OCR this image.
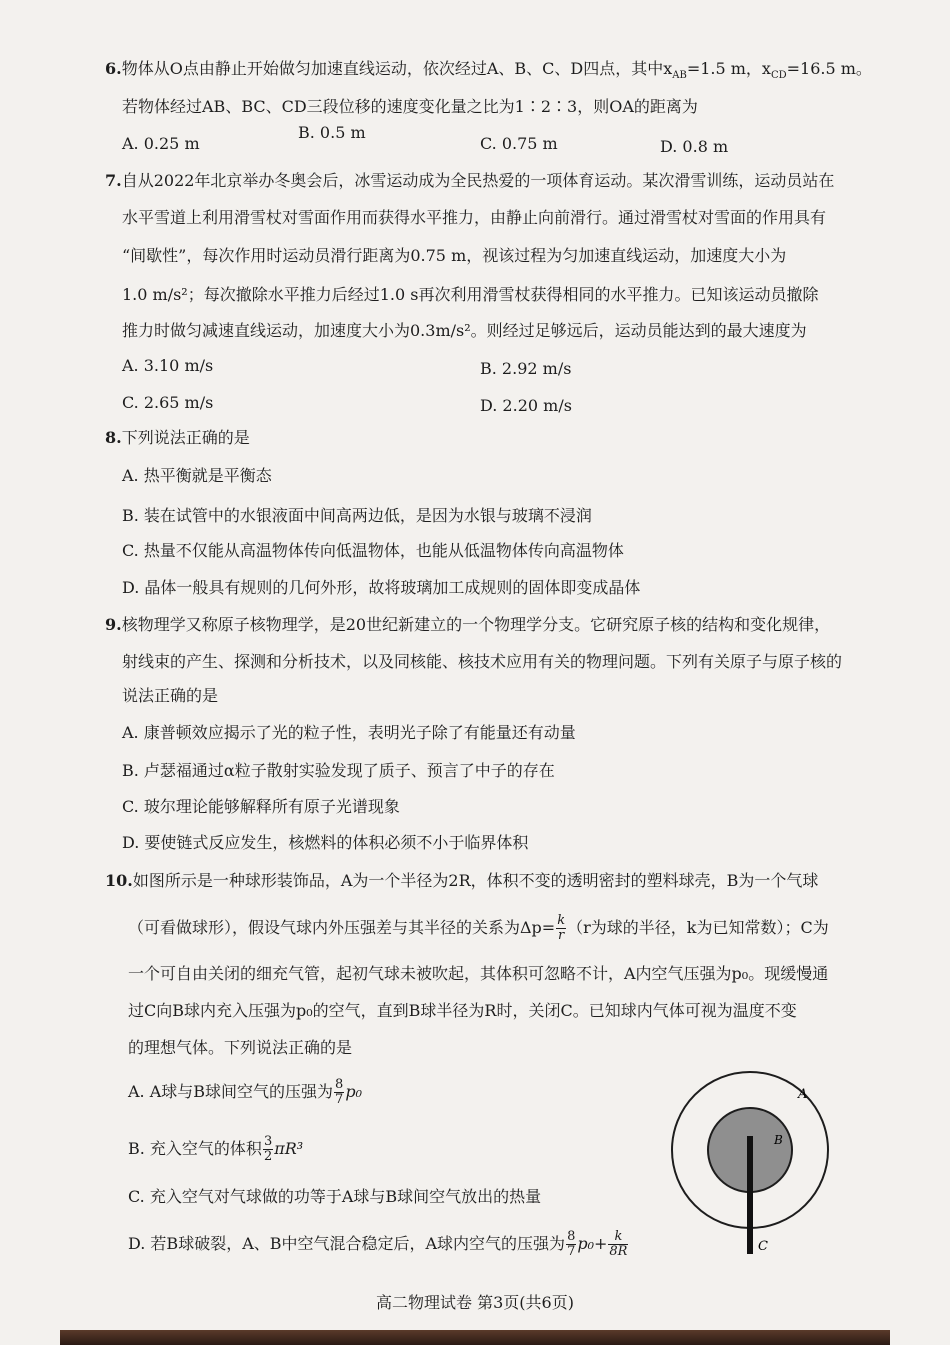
6.物体从O点由静止开始做匀加速直线运动，依次经过A、B、C、D四点，其中$x_{AB}=1.5$ m，$x_{CD}=16.5$ m。
若物体经过AB、BC、CD三段位移的速度变化量之比为1∶2∶3，则OA的距离为
A. 0.25 m
B. 0.5 m
C. 0.75 m	D. 0.8 m
7.自从2022年北京举办冬奥会后，冰雪运动成为全民热爱的一项体育运动。某次滑雪训练，运动员站在
水平雪道上利用滑雪杖对雪面作用而获得水平推力，由静止向前滑行。通过滑雪杖对雪面的作用具有
“间歇性”，每次作用时运动员滑行距离为0.75 m，视该过程为匀加速直线运动，加速度大小为
1.0 m/s²；每次撤除水平推力后经过1.0 s再次利用滑雪杖获得相同的水平推力。已知该运动员撤除
推力时做匀减速直线运动，加速度大小为0.3m/s²。则经过足够远后，运动员能达到的最大速度为
A. 3.10 m/s	B. 2.92 m/s
C. 2.65 m/s	D. 2.20 m/s
8.下列说法正确的是
A. 热平衡就是平衡态
B. 装在试管中的水银液面中间高两边低，是因为水银与玻璃不浸润
C. 热量不仅能从高温物体传向低温物体，也能从低温物体传向高温物体
D. 晶体一般具有规则的几何外形，故将玻璃加工成规则的固体即变成晶体
9.核物理学又称原子核物理学，是20世纪新建立的一个物理学分支。它研究原子核的结构和变化规律，
射线束的产生、探测和分析技术，以及同核能、核技术应用有关的物理问题。下列有关原子与原子核的
说法正确的是
A. 康普顿效应揭示了光的粒子性，表明光子除了有能量还有动量
B. 卢瑟福通过α粒子散射实验发现了质子、预言了中子的存在
C. 玻尔理论能够解释所有原子光谱现象
D. 要使链式反应发生，核燃料的体积必须不小于临界体积
10.如图所示是一种球形装饰品，A为一个半径为2R，体积不变的透明密封的塑料球壳，B为一个气球
（可看做球形），假设气球内外压强差与其半径的关系为$\Delta p= \frac{k}{r} (r$为球的半径，k为已知常数）；C为
一个可自由关闭的细充气管，起初气球未被吹起，其体积可忽略不计，A内空气压强为p₀。现缓慢通
过C向B球内充入压强为p₀的空气，直到B球半径为R时，关闭C。已知球内气体可视为温度不变
的理想气体。下列说法正确的是
A. A球与B球间空气的压强为 $\frac{8}{7} p_0$
B. 充入空气的体积 $\frac{3}{2} \pi R^3$
C. 充入空气对气球做的功等于A球与B球间空气放出的热量
D. 若B球破裂，A、B中空气混合稳定后，A球内空气的压强为 $\frac{8}{7} p_0+ \frac{k}{8R}$
A
B
C
高二物理试卷 第3页(共6页)
